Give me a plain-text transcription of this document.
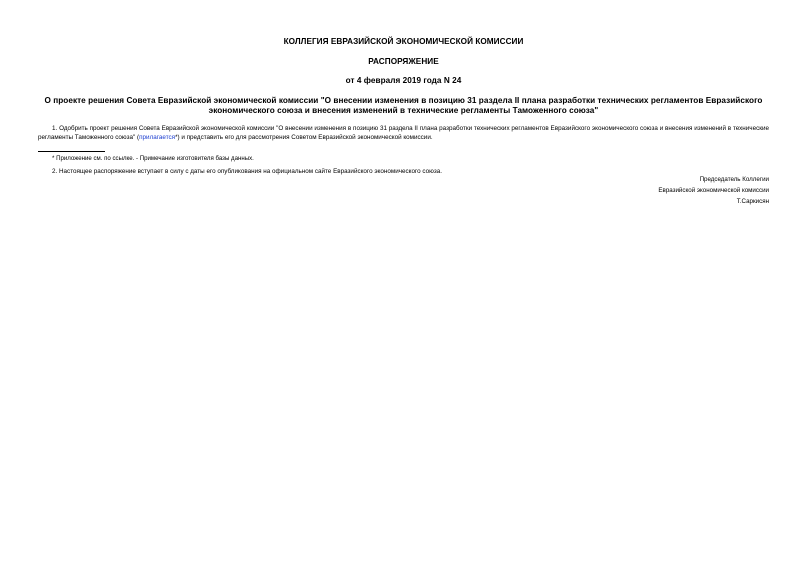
КОЛЛЕГИЯ ЕВРАЗИЙСКОЙ ЭКОНОМИЧЕСКОЙ КОМИССИИ
РАСПОРЯЖЕНИЕ
от 4 февраля 2019 года N 24
О проекте решения Совета Евразийской экономической комиссии "О внесении изменения в позицию 31 раздела II плана разработки технических регламентов Евразийского экономического союза и внесения изменений в технические регламенты Таможенного союза"
1. Одобрить проект решения Совета Евразийской экономической комиссии "О внесении изменения в позицию 31 раздела II плана разработки технических регламентов Евразийского экономического союза и внесения изменений в технические регламенты Таможенного союза" (прилагается*) и представить его для рассмотрения Советом Евразийской экономической комиссии.
* Приложение см. по ссылке. - Примечание изготовителя базы данных.
2. Настоящее распоряжение вступает в силу с даты его опубликования на официальном сайте Евразийского экономического союза.
Председатель Коллегии
Евразийской экономической комиссии
Т.Саркисян
